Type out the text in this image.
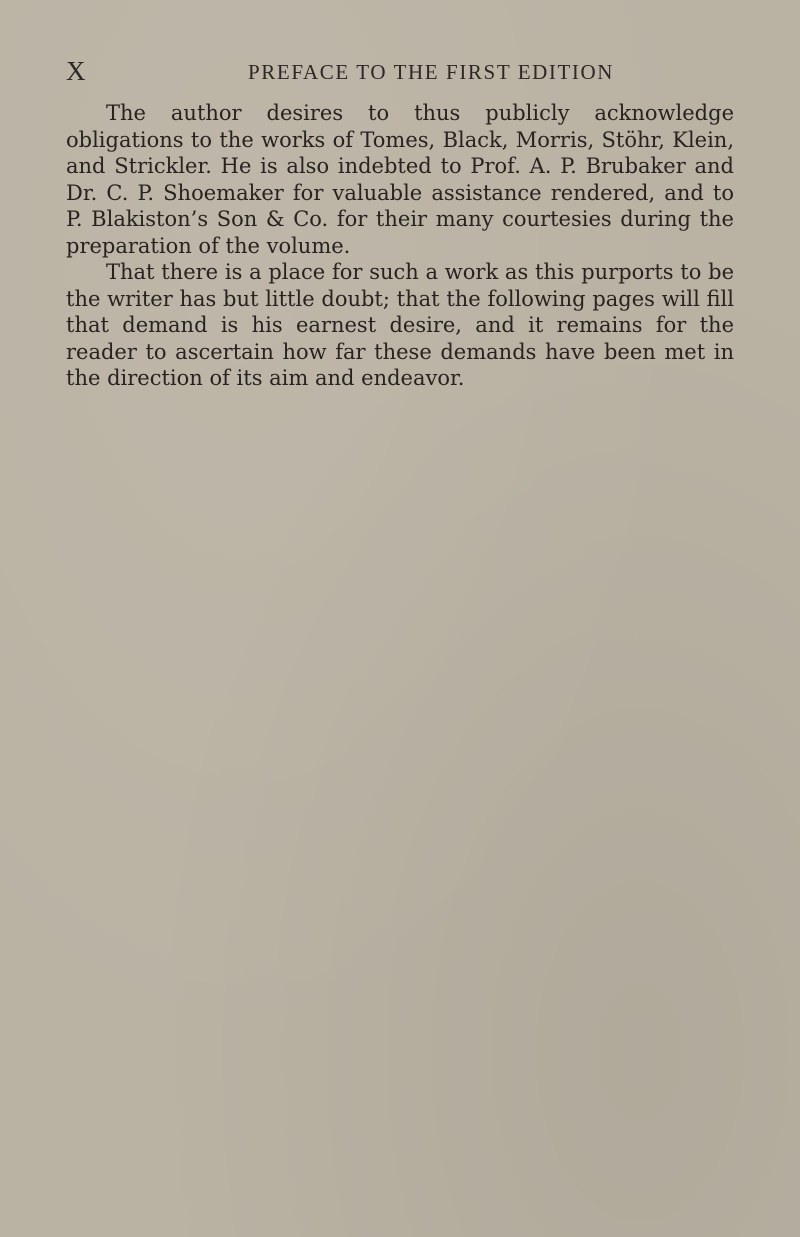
X	PREFACE TO THE FIRST EDITION

The author desires to thus publicly acknowledge obligations to the works of Tomes, Black, Morris, Stöhr, Klein, and Strickler. He is also indebted to Prof. A. P. Brubaker and Dr. C. P. Shoemaker for valuable assistance rendered, and to P. Blakiston’s Son & Co. for their many courtesies during the preparation of the volume.

That there is a place for such a work as this purports to be the writer has but little doubt; that the following pages will fill that demand is his earnest desire, and it remains for the reader to ascertain how far these demands have been met in the direction of its aim and endeavor.
